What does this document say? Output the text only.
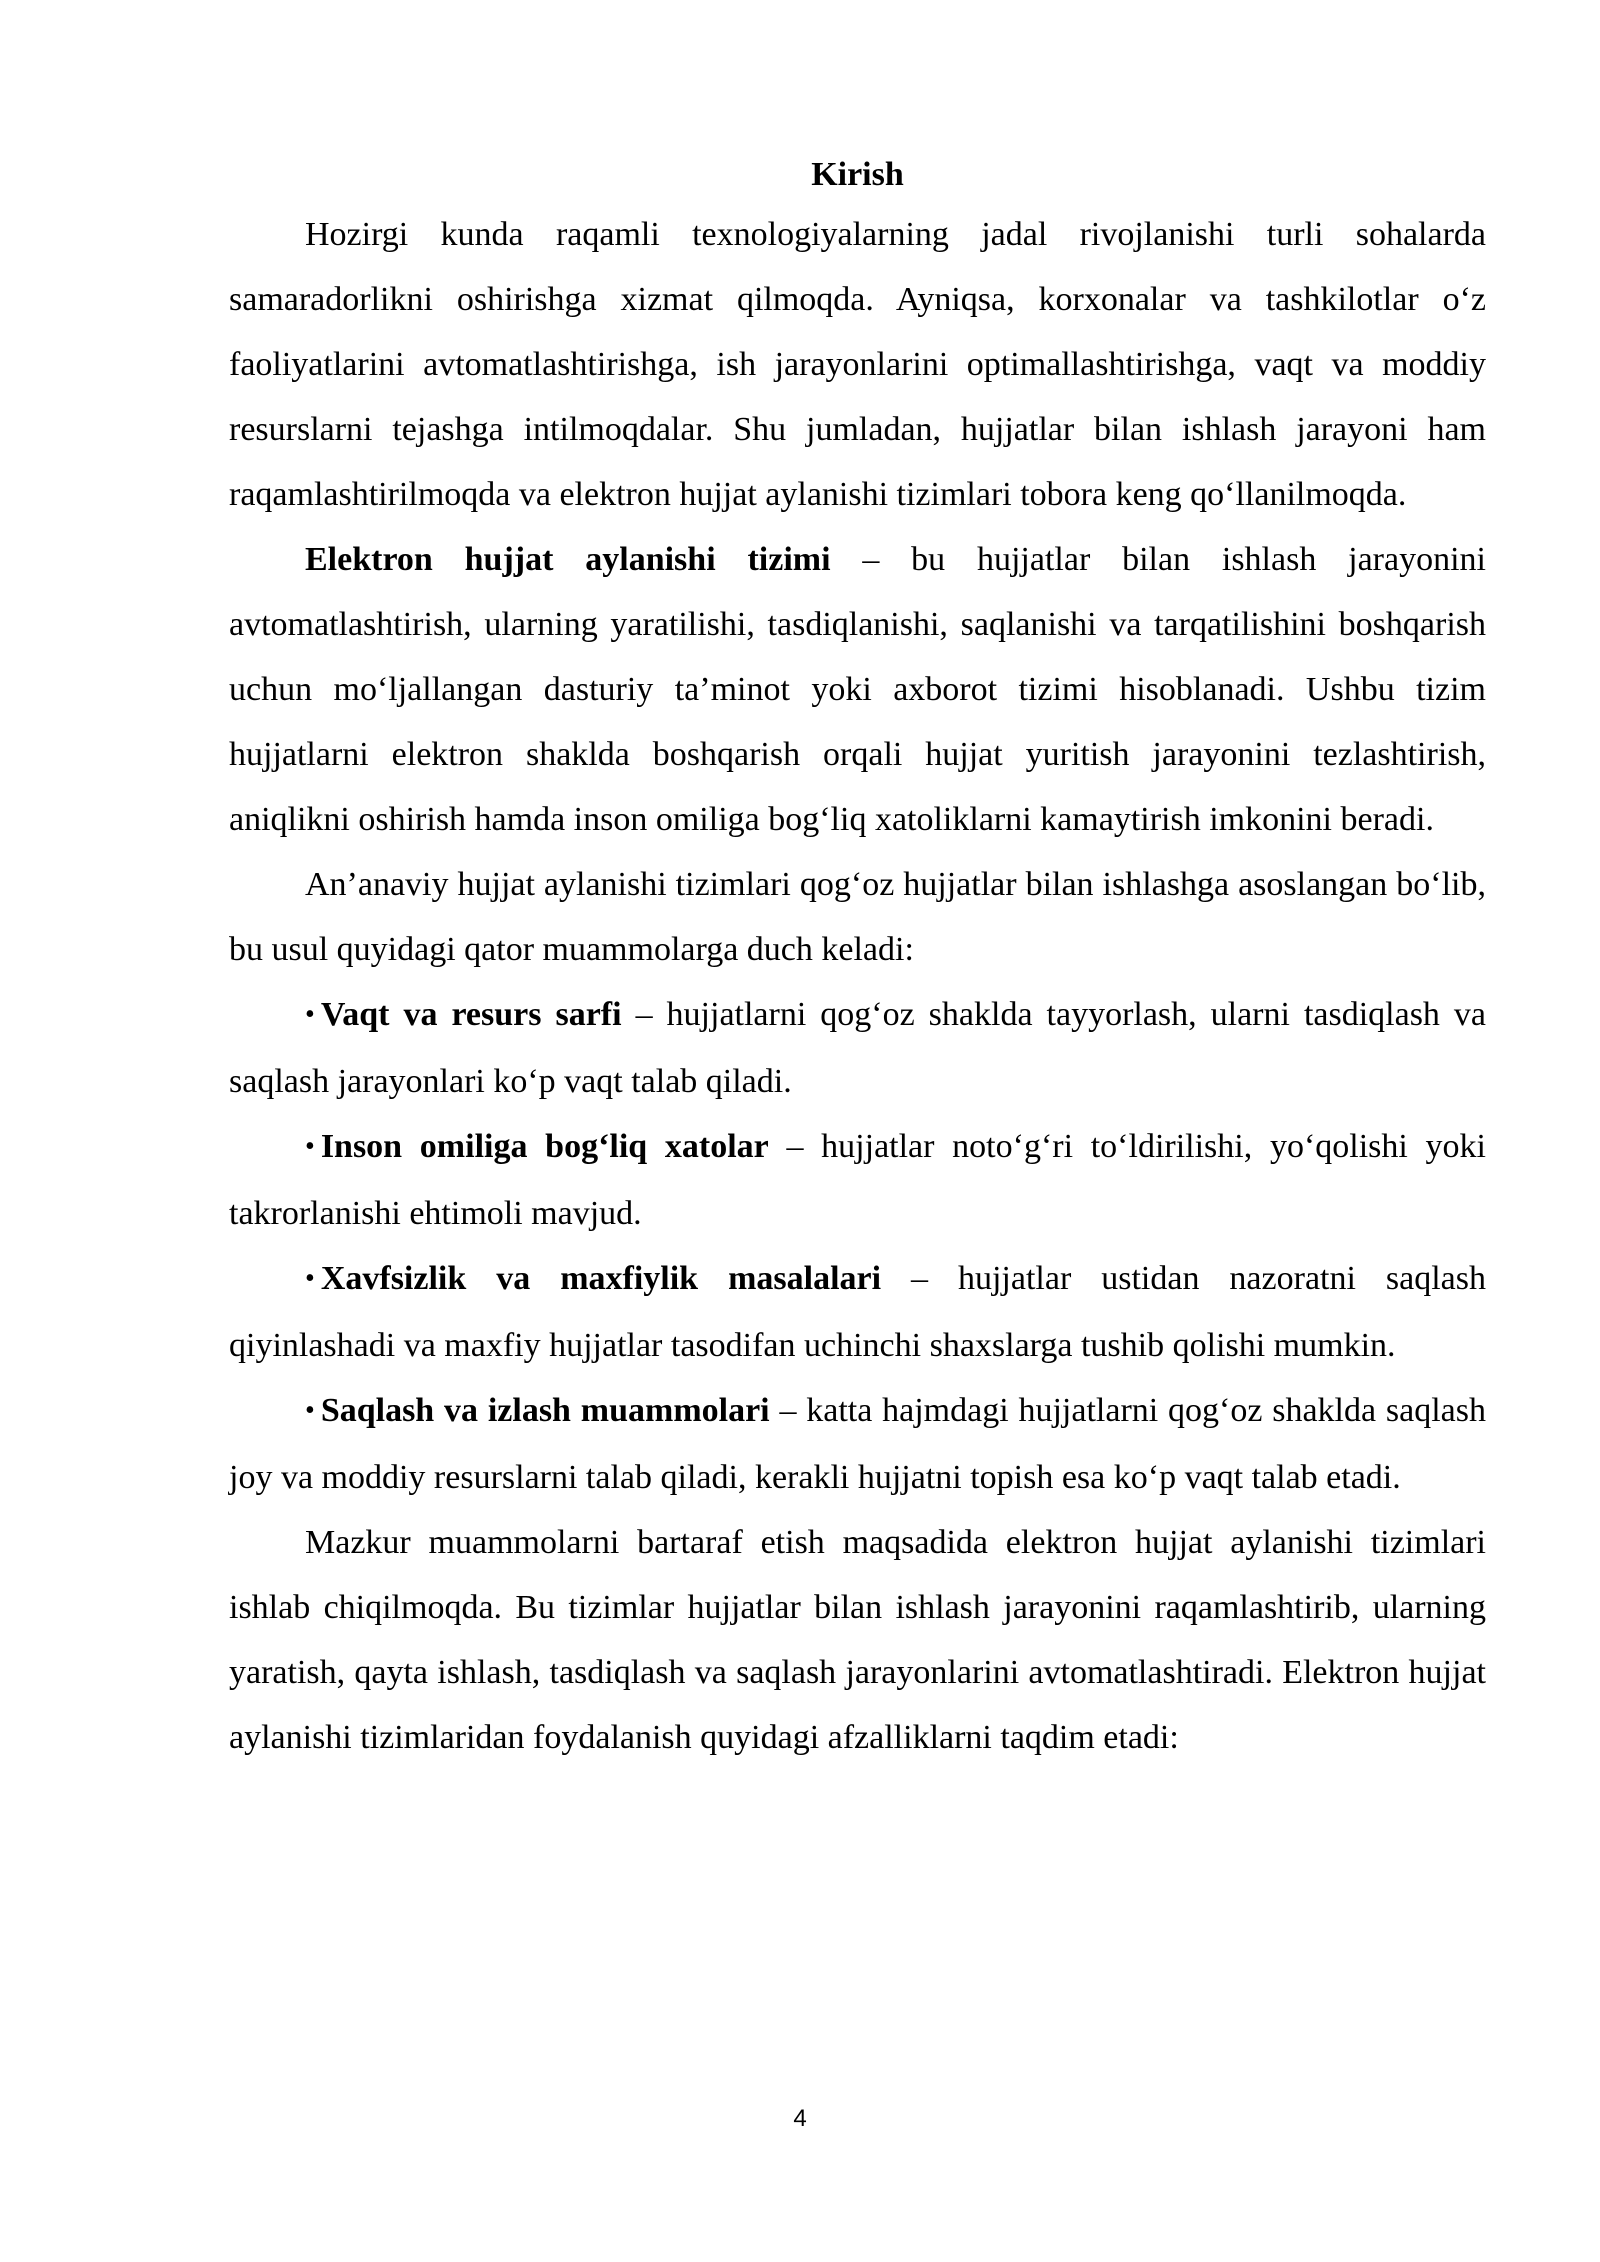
Kirish

Hozirgi kunda raqamli texnologiyalarning jadal rivojlanishi turli sohalarda samaradorlikni oshirishga xizmat qilmoqda. Ayniqsa, korxonalar va tashkilotlar o‘z faoliyatlarini avtomatlashtirishga, ish jarayonlarini optimallashtirishga, vaqt va moddiy resurslarni tejashga intilmoqdalar. Shu jumladan, hujjatlar bilan ishlash jarayoni ham raqamlashtirilmoqda va elektron hujjat aylanishi tizimlari tobora keng qo‘llanilmoqda.

Elektron hujjat aylanishi tizimi – bu hujjatlar bilan ishlash jarayonini avtomatlashtirish, ularning yaratilishi, tasdiqlanishi, saqlanishi va tarqatilishini boshqarish uchun mo‘ljallangan dasturiy ta’minot yoki axborot tizimi hisoblanadi. Ushbu tizim hujjatlarni elektron shaklda boshqarish orqali hujjat yuritish jarayonini tezlashtirish, aniqlikni oshirish hamda inson omiliga bog‘liq xatoliklarni kamaytirish imkonini beradi.

An’anaviy hujjat aylanishi tizimlari qog‘oz hujjatlar bilan ishlashga asoslangan bo‘lib, bu usul quyidagi qator muammolarga duch keladi:

• Vaqt va resurs sarfi – hujjatlarni qog‘oz shaklda tayyorlash, ularni tasdiqlash va saqlash jarayonlari ko‘p vaqt talab qiladi.

• Inson omiliga bog‘liq xatolar – hujjatlar noto‘g‘ri to‘ldirilishi, yo‘qolishi yoki takrorlanishi ehtimoli mavjud.

• Xavfsizlik va maxfiylik masalalari – hujjatlar ustidan nazoratni saqlash qiyinlashadi va maxfiy hujjatlar tasodifan uchinchi shaxslarga tushib qolishi mumkin.

• Saqlash va izlash muammolari – katta hajmdagi hujjatlarni qog‘oz shaklda saqlash joy va moddiy resurslarni talab qiladi, kerakli hujjatni topish esa ko‘p vaqt talab etadi.

Mazkur muammolarni bartaraf etish maqsadida elektron hujjat aylanishi tizimlari ishlab chiqilmoqda. Bu tizimlar hujjatlar bilan ishlash jarayonini raqamlashtirib, ularning yaratish, qayta ishlash, tasdiqlash va saqlash jarayonlarini avtomatlashtiradi. Elektron hujjat aylanishi tizimlaridan foydalanish quyidagi afzalliklarni taqdim etadi:

4
